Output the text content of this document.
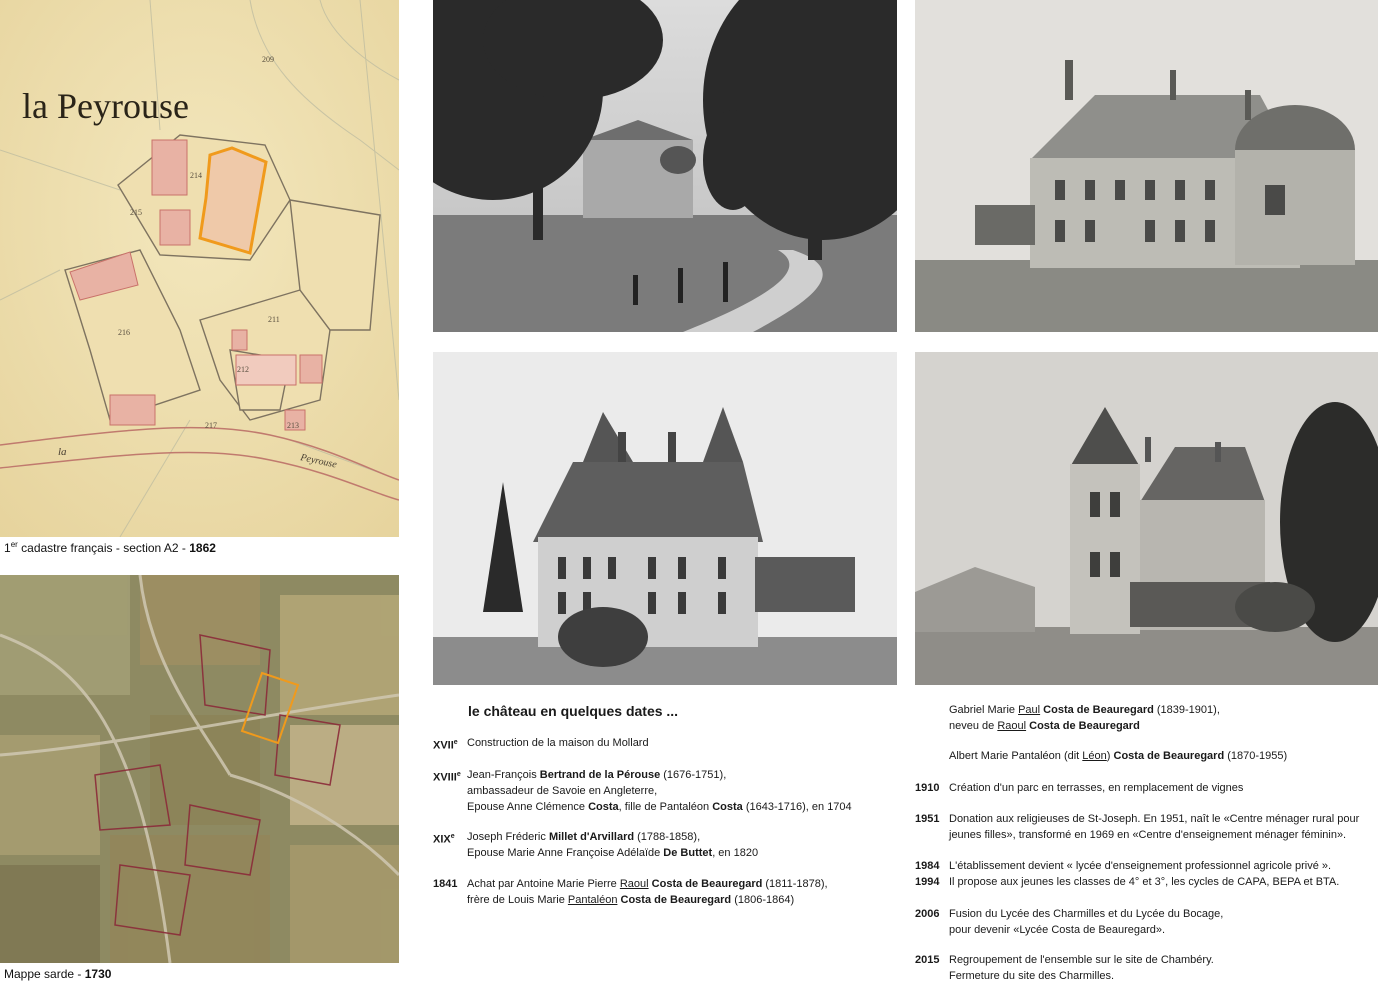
209
214
215
216
211
212
217	213
la Peyrouse
la
Peyrouse
1er cadastre français - section A2 - 1862
Mappe sarde - 1730
le château en quelques dates ...
XVIIe Construction de la maison du Mollard
XVIIIe Jean-François Bertrand de la Pérouse (1676-1751),
ambassadeur de Savoie en Angleterre,
Epouse Anne Clémence Costa, fille de Pantaléon Costa (1643-1716), en 1704
XIXe Joseph Fréderic Millet d'Arvillard (1788-1858),
Epouse Marie Anne Françoise Adélaïde De Buttet, en 1820
1841 Achat par Antoine Marie Pierre Raoul Costa de Beauregard (1811-1878),
frère de Louis Marie Pantaléon Costa de Beauregard (1806-1864)
Gabriel Marie Paul Costa de Beauregard (1839-1901),
neveu de Raoul Costa de Beauregard
Albert Marie Pantaléon (dit Léon) Costa de Beauregard (1870-1955)
1910 Création d'un parc en terrasses, en remplacement de vignes
1951 Donation aux religieuses de St-Joseph. En 1951, naît le «Centre ménager rural pour
jeunes filles», transformé en 1969 en «Centre d'enseignement ménager féminin».
1984 L'établissement devient « lycée d'enseignement professionnel agricole privé ».
1994 Il propose aux jeunes les classes de 4° et 3°, les cycles de CAPA, BEPA et BTA.
2006 Fusion du Lycée des Charmilles et du Lycée du Bocage,
pour devenir «Lycée Costa de Beauregard».
2015 Regroupement de l'ensemble sur le site de Chambéry.
Fermeture du site des Charmilles.
